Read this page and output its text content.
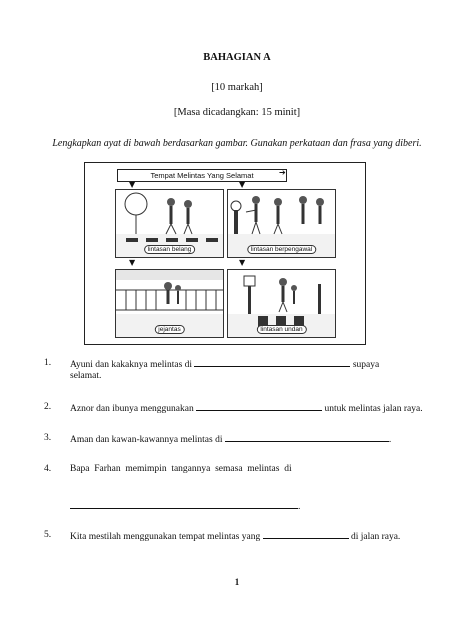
BAHAGIAN A
[10 markah]
[Masa dicadangkan: 15 minit]
Lengkapkan ayat di bawah berdasarkan gambar. Gunakan perkataan dan frasa yang diberi.
Tempat Melintas Yang Selamat	➔
▼	▼
lintasan belang	lintasan berpengawal
▼	▼
jejantas	lintasan undan
1. Ayuni dan kakaknya melintas di	supaya
selamat.
2. Aznor dan ibunya menggunakan	untuk melintas jalan raya.
3. Aman dan kawan-kawannya melintas di	.
4. Bapa  Farhan  memimpin  tangannya  semasa  melintas  di
.
5. Kita mestilah menggunakan tempat melintas yang	di jalan raya.
1
